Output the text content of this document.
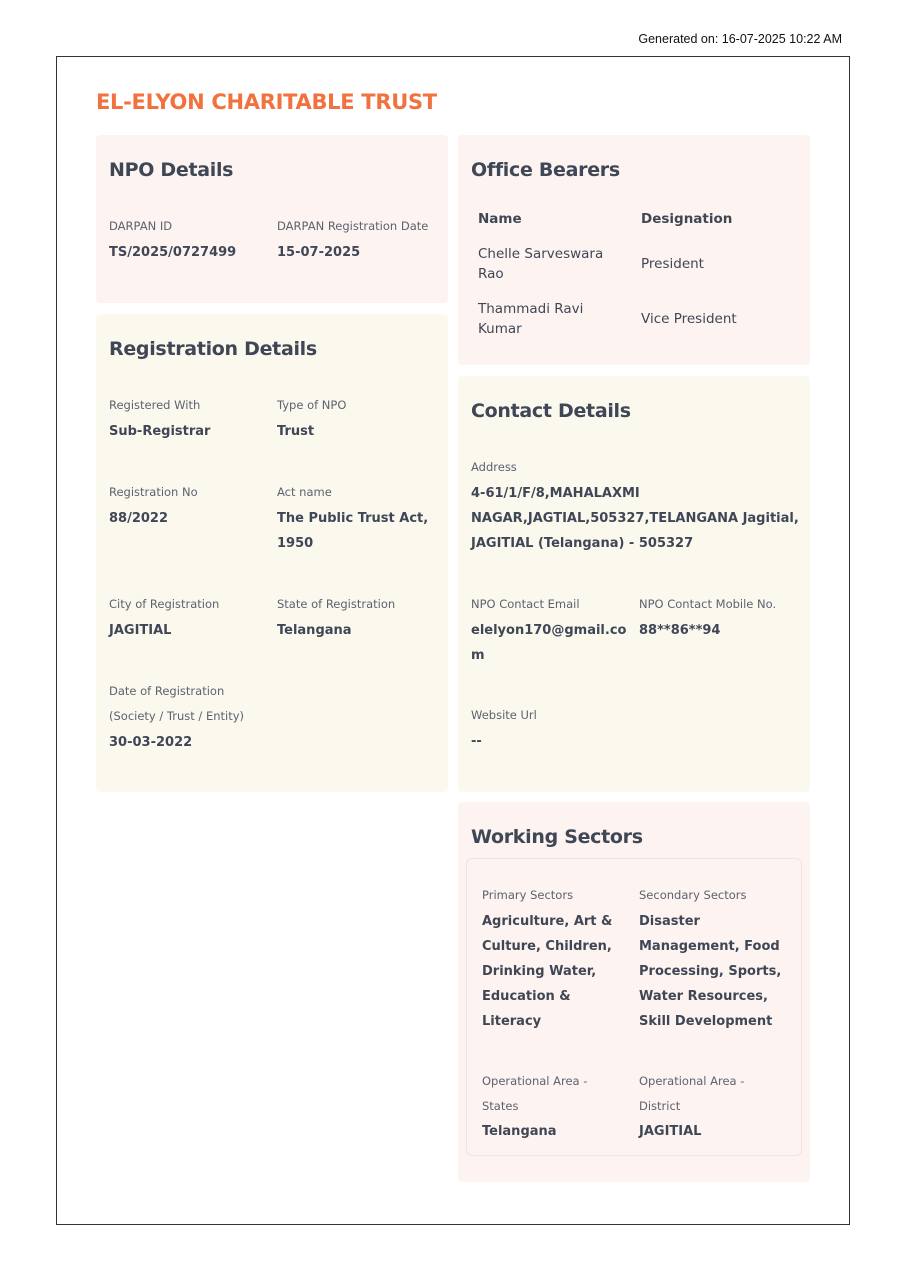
Generated on: 16-07-2025 10:22 AM
EL-ELYON CHARITABLE TRUST
NPO Details
DARPAN ID
TS/2025/0727499
DARPAN Registration Date
15-07-2025
Office Bearers
Name	Designation
Chelle Sarveswara Rao
President
Thammadi Ravi Kumar
Vice President
Registration Details
Registered With
Sub-Registrar
Type of NPO
Trust
Registration No
88/2022
Act name
The Public Trust Act, 1950
City of Registration
JAGITIAL
State of Registration
Telangana
Date of Registration (Society / Trust / Entity)
30-03-2022
Contact Details
Address
4-61/1/F/8,MAHALAXMI NAGAR,JAGTIAL,505327,TELANGANA Jagitial, JAGITIAL (Telangana) - 505327
NPO Contact Email
elelyon170@gmail.com
NPO Contact Mobile No.
88**86**94
Website Url
--
Working Sectors
Primary Sectors
Agriculture, Art & Culture, Children, Drinking Water, Education & Literacy
Secondary Sectors
Disaster Management, Food Processing, Sports, Water Resources, Skill Development
Operational Area - States
Telangana
Operational Area - District
JAGITIAL
